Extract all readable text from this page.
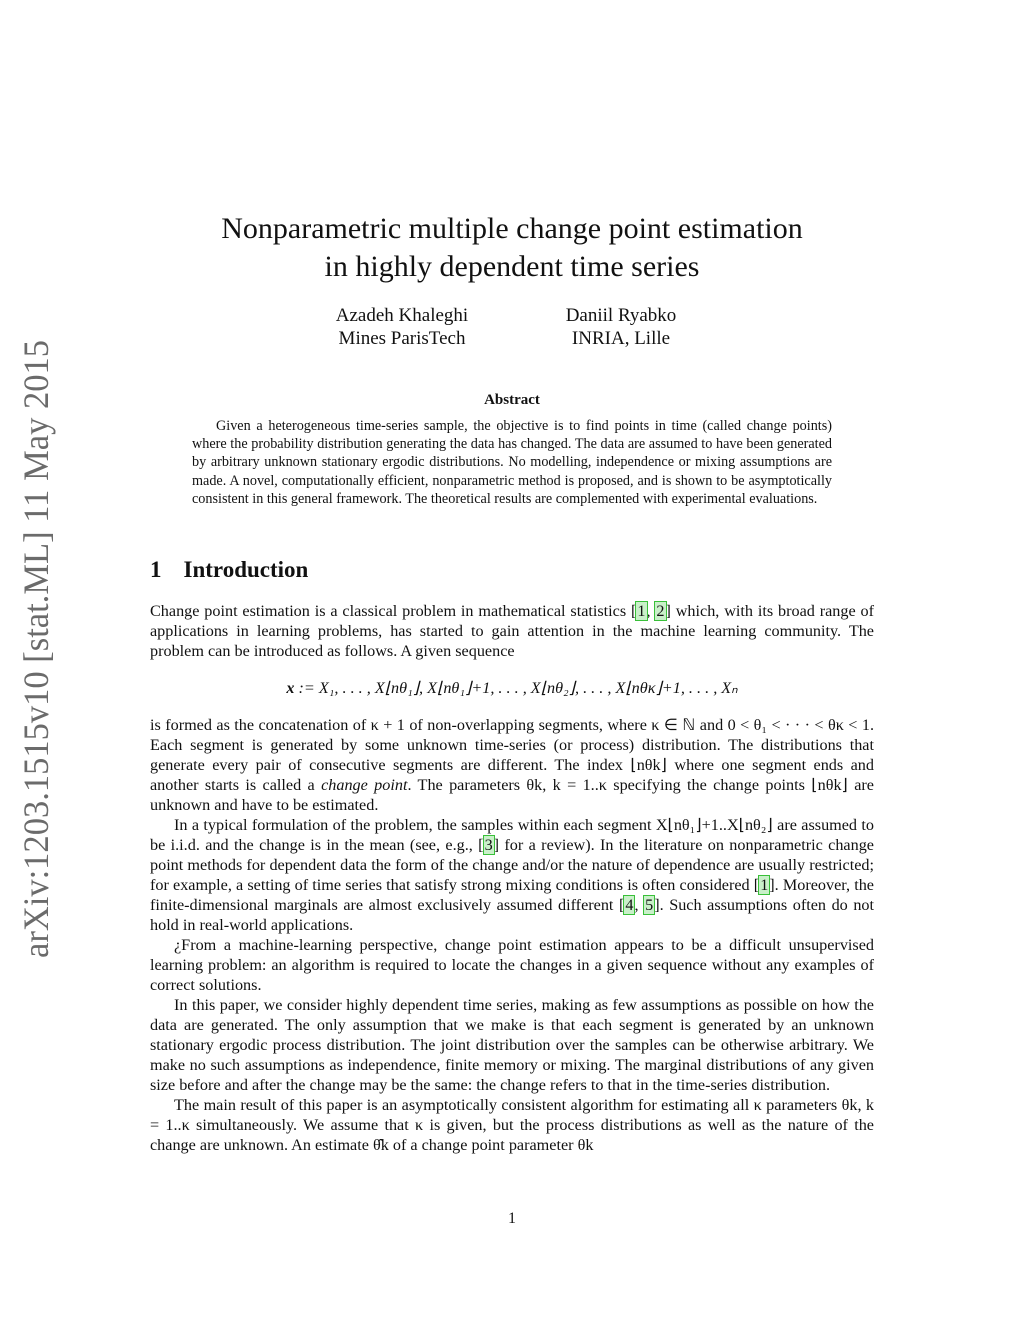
arXiv:1203.1515v10 [stat.ML] 11 May 2015
Nonparametric multiple change point estimation
in highly dependent time series
Azadeh Khaleghi
Mines ParisTech
Daniil Ryabko
INRIA, Lille
Abstract
Given a heterogeneous time-series sample, the objective is to find points in time (called change points) where the probability distribution generating the data has changed. The data are assumed to have been generated by arbitrary unknown stationary ergodic distributions. No modelling, independence or mixing assumptions are made. A novel, computationally efficient, nonparametric method is proposed, and is shown to be asymptotically consistent in this general framework. The theoretical results are complemented with experimental evaluations.
1 Introduction
Change point estimation is a classical problem in mathematical statistics [1, 2] which, with its broad range of applications in learning problems, has started to gain attention in the machine learning community. The problem can be introduced as follows. A given sequence
x := X₁, . . . , X⌊nθ₁⌋, X⌊nθ₁⌋+1, . . . , X⌊nθ₂⌋, . . . , X⌊nθκ⌋+1, . . . , Xₙ

is formed as the concatenation of κ + 1 of non-overlapping segments, where κ ∈ ℕ and 0 < θ₁ < · · · < θκ < 1. Each segment is generated by some unknown time-series (or process) distribution. The distributions that generate every pair of consecutive segments are different. The index ⌊nθk⌋ where one segment ends and another starts is called a change point. The parameters θk, k = 1..κ specifying the change points ⌊nθk⌋ are unknown and have to be estimated.

In a typical formulation of the problem, the samples within each segment X⌊nθ₁⌋+1..X⌊nθ₂⌋ are assumed to be i.i.d. and the change is in the mean (see, e.g., [3] for a review). In the literature on nonparametric change point methods for dependent data the form of the change and/or the nature of dependence are usually restricted; for example, a setting of time series that satisfy strong mixing conditions is often considered [1]. Moreover, the finite-dimensional marginals are almost exclusively assumed different [4, 5]. Such assumptions often do not hold in real-world applications.

¿From a machine-learning perspective, change point estimation appears to be a difficult unsupervised learning problem: an algorithm is required to locate the changes in a given sequence without any examples of correct solutions.

In this paper, we consider highly dependent time series, making as few assumptions as possible on how the data are generated. The only assumption that we make is that each segment is generated by an unknown stationary ergodic process distribution. The joint distribution over the samples can be otherwise arbitrary. We make no such assumptions as independence, finite memory or mixing. The marginal distributions of any given size before and after the change may be the same: the change refers to that in the time-series distribution.

The main result of this paper is an asymptotically consistent algorithm for estimating all κ parameters θk, k = 1..κ simultaneously. We assume that κ is given, but the process distributions as well as the nature of the change are unknown. An estimate θ̂k of a change point parameter θk

1
